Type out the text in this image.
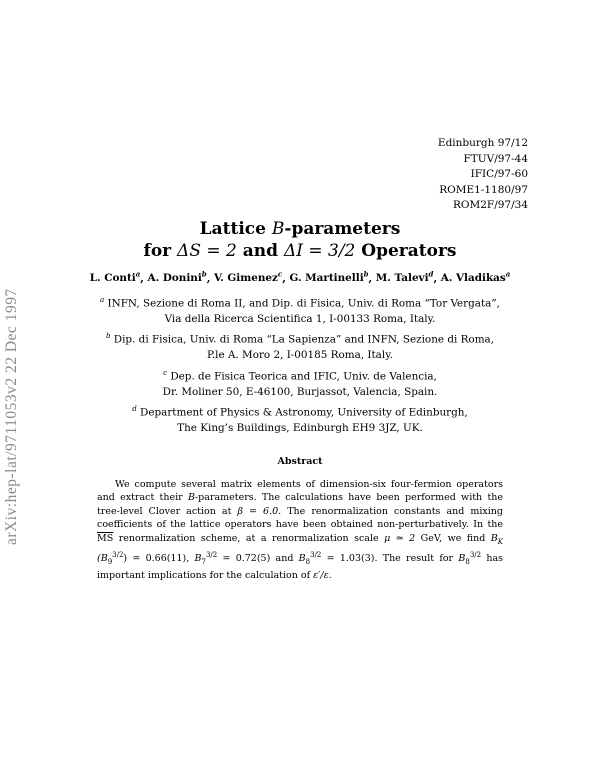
arXiv:hep-lat/9711053v2 22 Dec 1997
Edinburgh 97/12
FTUV/97-44
IFIC/97-60
ROME1-1180/97
ROM2F/97/34
Lattice B-parameters
for ΔS = 2 and ΔI = 3/2 Operators
L. Conti$^a$, A. Donini$^b$, V. Gimenez$^c$, G. Martinelli$^b$, M. Talevi$^d$, A. Vladikas$^a$
$^a$ INFN, Sezione di Roma II, and Dip. di Fisica, Univ. di Roma “Tor Vergata”,
Via della Ricerca Scientifica 1, I-00133 Roma, Italy.
$^b$ Dip. di Fisica, Univ. di Roma “La Sapienza” and INFN, Sezione di Roma,
P.le A. Moro 2, I-00185 Roma, Italy.
$^c$ Dep. de Fisica Teorica and IFIC, Univ. de Valencia,
Dr. Moliner 50, E-46100, Burjassot, Valencia, Spain.
$^d$ Department of Physics & Astronomy, University of Edinburgh,
The King’s Buildings, Edinburgh EH9 3JZ, UK.
Abstract
We compute several matrix elements of dimension-six four-fermion operators and extract their B-parameters. The calculations have been performed with the tree-level Clover action at β = 6.0. The renormalization constants and mixing coefficients of the lattice operators have been obtained non-perturbatively. In the $\overline{MS}$ renormalization scheme, at a renormalization scale μ ≃ 2 GeV, we find $B_K$ $(B_9^{3/2}) = 0.66(11)$, $B_7^{3/2} = 0.72(5)$ and $B_8^{3/2} = 1.03(3)$. The result for $B_8^{3/2}$ has important implications for the calculation of ε′/ε.
